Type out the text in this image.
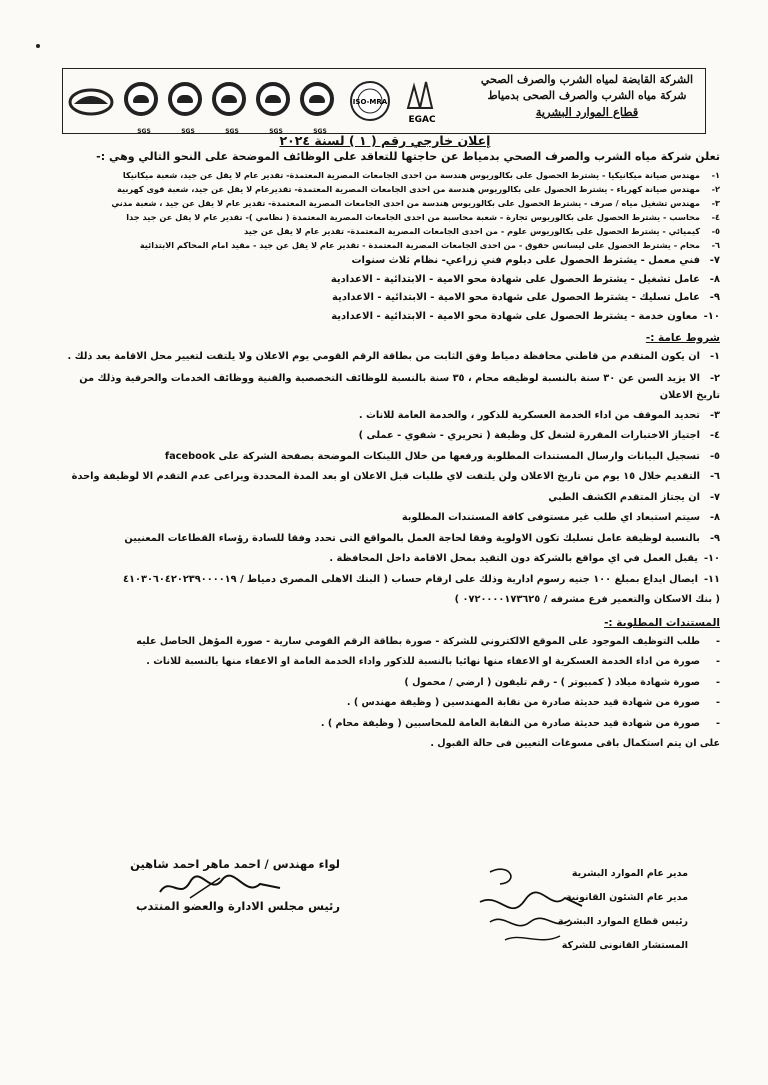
SGS	SGS	SGS	SGS	SGS
ISO-MRA
EGAC
الشركة القابضة لمياه الشرب والصرف الصحي
شركة مياه الشرب والصرف الصحى بدمياط
قطاع الموارد البشرية
إعلان خارجي رقم ( ١ ) لسنة ٢٠٢٤
تعلن شركة مياه الشرب والصرف الصحي بدمياط عن حاجتها للتعاقد على الوظائف الموضحة على النحو التالي وهي :-
١-مهندس صيانة ميكانيكيا - يشترط الحصول على بكالوريوس هندسة من احدى الجامعات المصرية المعتمدة- تقدير عام لا يقل عن جيد، شعبة ميكانيكا
٢-مهندس صيانة كهرباء - يشترط الحصول على بكالوريوس هندسة من احدى الجامعات المصرية المعتمدة- تقديرعام لا يقل عن جيد، شعبة قوى كهربية
٣-مهندس تشغيل مياه / صرف - يشترط الحصول على بكالوريوس هندسة من احدى الجامعات المصرية المعتمدة- تقدير عام لا يقل عن جيد ، شعبة مدني
٤-محاسب - يشترط الحصول على بكالوريوس تجارة - شعبة محاسبة من احدى الجامعات المصرية المعتمدة ( نظامي )- تقدير عام لا يقل عن جيد جدا
٥-كيميائي - يشترط الحصول على بكالوريوس علوم - من احدى الجامعات المصرية المعتمدة- تقدير عام لا يقل عن جيد
٦-محام - يشترط الحصول على ليسانس حقوق - من احدى الجامعات المصرية المعتمدة - تقدير عام لا يقل عن جيد - مقيد امام المحاكم الابتدائية
٧-فني معمل - يشترط الحصول على دبلوم فني زراعي- نظام ثلاث سنوات
٨-عامل تشغيل - يشترط الحصول على شهادة محو الامية - الابتدائية - الاعدادية
٩-عامل تسليك - يشترط الحصول على شهادة محو الامية - الابتدائية - الاعدادية
١٠-معاون خدمة - يشترط الحصول على شهادة محو الامية - الابتدائية - الاعدادية
شروط عامة :-
١-ان يكون المتقدم من قاطني محافظة دمياط وفق الثابت من بطاقة الرقم القومي يوم الاعلان ولا يلتفت لتغيير محل الاقامة بعد ذلك .
٢-الا يزيد السن عن ٣٠ سنة بالنسبة لوظيفه محام ، ٣٥ سنة بالنسبة للوظائف التخصصية والفنية ووظائف الخدمات والحرفية وذلك من تاريخ الاعلان
٣-تحديد الموقف من اداء الخدمة العسكرية للذكور ، والخدمة العامة للاناث .
٤-اجتياز الاختبارات المقررة لشغل كل وظيفة ( تحريري - شفوي - عملى )
٥-تسجيل البيانات وارسال المستندات المطلوبة ورفعها من خلال اللينكات الموضحة بصفحة الشركة على facebook
٦-التقديم خلال ١٥ يوم من تاريخ الاعلان ولن يلتفت لاي طلبات قبل الاعلان او بعد المدة المحددة ويراعى عدم التقدم الا لوظيفة واحدة
٧-ان يجتاز المتقدم الكشف الطبي
٨-سيتم استبعاد اي طلب غير مستوفى كافة المستندات المطلوبة
٩-بالنسبة لوظيفة عامل تسليك تكون الاولوية وفقا لحاجة العمل بالمواقع التى تحدد وفقا للسادة رؤساء القطاعات المعنيين
١٠-يقبل العمل في اي مواقع بالشركة دون التقيد بمحل الاقامة داخل المحافظة .
١١-ايصال ايداع بمبلغ ١٠٠ جنيه رسوم ادارية وذلك على ارقام حساب ( البنك الاهلى المصرى دمياط / ٤١٠٣٠٦٠٤٢٠٢٣٩٠٠٠٠١٩
( بنك الاسكان والتعمير فرع مشرفه / ٠٧٢٠٠٠٠١٧٣٦٢٥ )
المستندات المطلوبة :-
-طلب التوظيف الموجود على الموقع الالكتروني للشركة - صورة بطاقة الرقم القومي سارية - صورة المؤهل الحاصل عليه
-صورة من اداء الخدمة العسكرية او الاعفاء منها نهائيا بالنسبة للذكور واداء الخدمة العامة او الاعفاء منها بالنسبة للاناث .
-صورة شهادة ميلاد ( كمبيوتر ) - رقم تليفون ( ارضي / محمول )
-صورة من شهادة قيد حديثة صادرة من نقابة المهندسين ( وظيفة مهندس ) .
-صورة من شهادة قيد حديثة صادرة من النقابة العامة للمحاسبين ( وظيفة محام ) .
على ان يتم استكمال باقى مسوغات التعيين فى حالة القبول .
لواء مهندس / احمد ماهر احمد شاهين
رئيس مجلس الادارة والعضو المنتدب
مدير عام الموارد البشرية
مدير عام الشئون القانونية
رئيس قطاع الموارد البشرية
المستشار القانونى للشركة
